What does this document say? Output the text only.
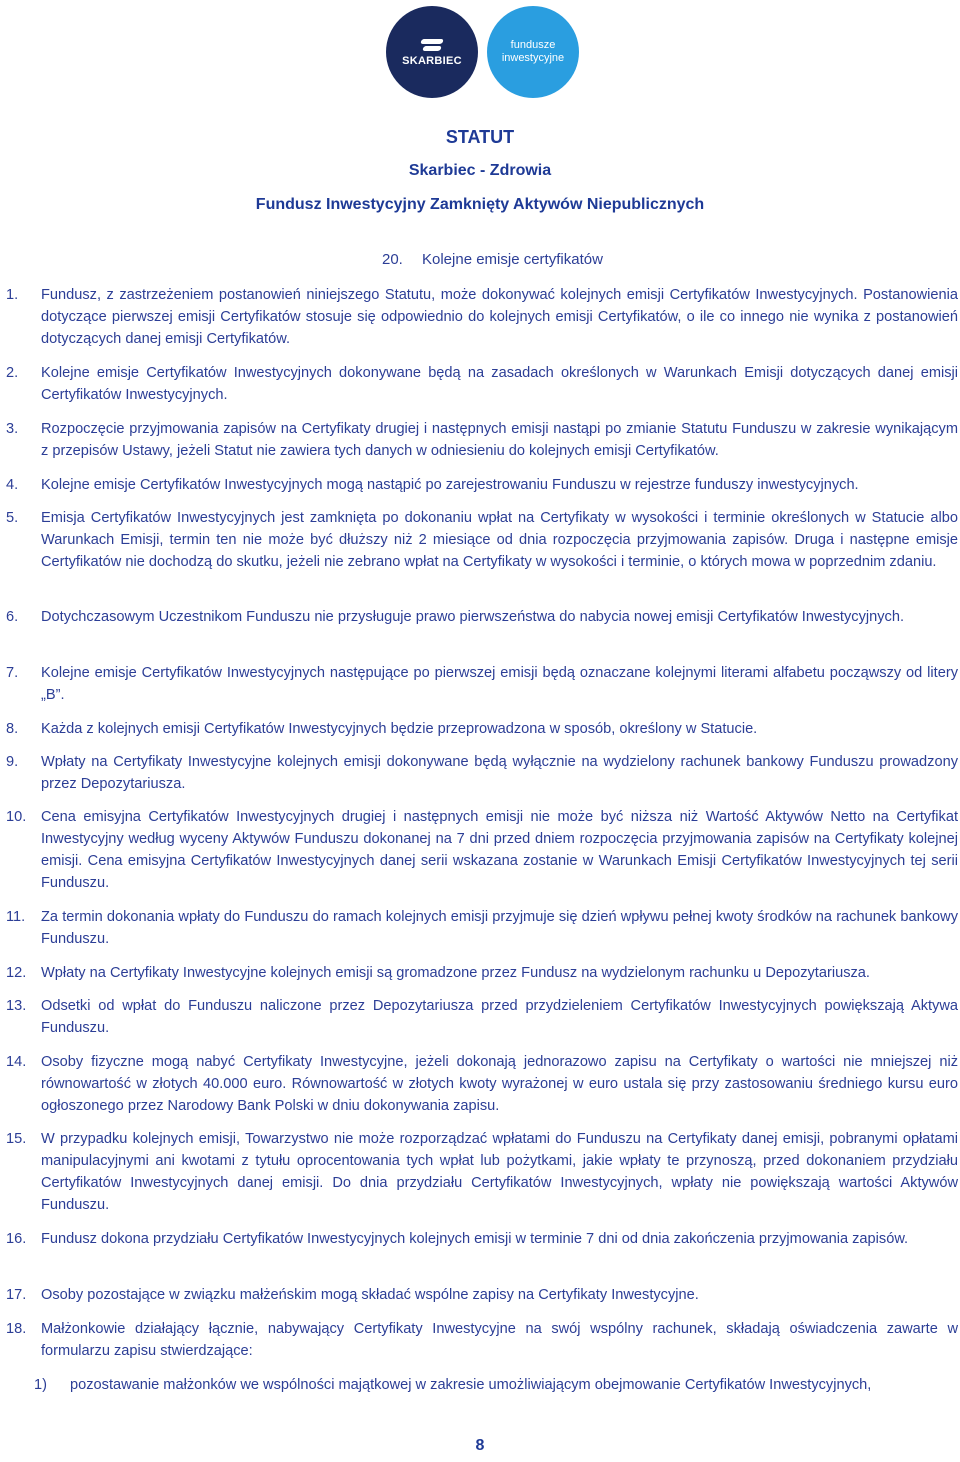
SKARBIEC
fundusze
inwestycyjne
STATUT
Skarbiec - Zdrowia
Fundusz Inwestycyjny Zamknięty Aktywów Niepublicznych
20. Kolejne emisje certyfikatów
1. Fundusz, z zastrzeżeniem postanowień niniejszego Statutu, może dokonywać kolejnych emisji Certyfikatów Inwestycyjnych. Postanowienia dotyczące pierwszej emisji Certyfikatów stosuje się odpowiednio do kolejnych emisji Certyfikatów, o ile co innego nie wynika z postanowień dotyczących danej emisji Certyfikatów.
2. Kolejne emisje Certyfikatów Inwestycyjnych dokonywane będą na zasadach określonych w Warunkach Emisji dotyczących danej emisji Certyfikatów Inwestycyjnych.
3. Rozpoczęcie przyjmowania zapisów na Certyfikaty drugiej i następnych emisji nastąpi po zmianie Statutu Funduszu w zakresie wynikającym z przepisów Ustawy, jeżeli Statut nie zawiera tych danych w odniesieniu do kolejnych emisji Certyfikatów.
4. Kolejne emisje Certyfikatów Inwestycyjnych mogą nastąpić po zarejestrowaniu Funduszu w rejestrze funduszy inwestycyjnych.
5. Emisja Certyfikatów Inwestycyjnych jest zamknięta po dokonaniu wpłat na Certyfikaty w wysokości i terminie określonych w Statucie albo Warunkach Emisji, termin ten nie może być dłuższy niż 2 miesiące od dnia rozpoczęcia przyjmowania zapisów. Druga i następne emisje Certyfikatów nie dochodzą do skutku, jeżeli nie zebrano wpłat na Certyfikaty w wysokości i terminie, o których mowa w poprzednim zdaniu.
6. Dotychczasowym Uczestnikom Funduszu nie przysługuje prawo pierwszeństwa do nabycia nowej emisji Certyfikatów Inwestycyjnych.
7. Kolejne emisje Certyfikatów Inwestycyjnych następujące po pierwszej emisji będą oznaczane kolejnymi literami alfabetu począwszy od litery „B”.
8. Każda z kolejnych emisji Certyfikatów Inwestycyjnych będzie przeprowadzona w sposób, określony w Statucie.
9. Wpłaty na Certyfikaty Inwestycyjne kolejnych emisji dokonywane będą wyłącznie na wydzielony rachunek bankowy Funduszu prowadzony przez Depozytariusza.
10. Cena emisyjna Certyfikatów Inwestycyjnych drugiej i następnych emisji nie może być niższa niż Wartość Aktywów Netto na Certyfikat Inwestycyjny według wyceny Aktywów Funduszu dokonanej na 7 dni przed dniem rozpoczęcia przyjmowania zapisów na Certyfikaty kolejnej emisji. Cena emisyjna Certyfikatów Inwestycyjnych danej serii wskazana zostanie w Warunkach Emisji Certyfikatów Inwestycyjnych tej serii Funduszu.
11. Za termin dokonania wpłaty do Funduszu do ramach kolejnych emisji przyjmuje się dzień wpływu pełnej kwoty środków na rachunek bankowy Funduszu.
12. Wpłaty na Certyfikaty Inwestycyjne kolejnych emisji są gromadzone przez Fundusz na wydzielonym rachunku u Depozytariusza.
13. Odsetki od wpłat do Funduszu naliczone przez Depozytariusza przed przydzieleniem Certyfikatów Inwestycyjnych powiększają Aktywa Funduszu.
14. Osoby fizyczne mogą nabyć Certyfikaty Inwestycyjne, jeżeli dokonają jednorazowo zapisu na Certyfikaty o wartości nie mniejszej niż równowartość w złotych 40.000 euro. Równowartość w złotych kwoty wyrażonej w euro ustala się przy zastosowaniu średniego kursu euro ogłoszonego przez Narodowy Bank Polski w dniu dokonywania zapisu.
15. W przypadku kolejnych emisji, Towarzystwo nie może rozporządzać wpłatami do Funduszu na Certyfikaty danej emisji, pobranymi opłatami manipulacyjnymi ani kwotami z tytułu oprocentowania tych wpłat lub pożytkami, jakie wpłaty te przynoszą, przed dokonaniem przydziału Certyfikatów Inwestycyjnych danej emisji. Do dnia przydziału Certyfikatów Inwestycyjnych, wpłaty nie powiększają wartości Aktywów Funduszu.
16. Fundusz dokona przydziału Certyfikatów Inwestycyjnych kolejnych emisji w terminie 7 dni od dnia zakończenia przyjmowania zapisów.
17. Osoby pozostające w związku małżeńskim mogą składać wspólne zapisy na Certyfikaty Inwestycyjne.
18. Małżonkowie działający łącznie, nabywający Certyfikaty Inwestycyjne na swój wspólny rachunek, składają oświadczenia zawarte w formularzu zapisu stwierdzające:
1) pozostawanie małżonków we wspólności majątkowej w zakresie umożliwiającym obejmowanie Certyfikatów Inwestycyjnych,
8
